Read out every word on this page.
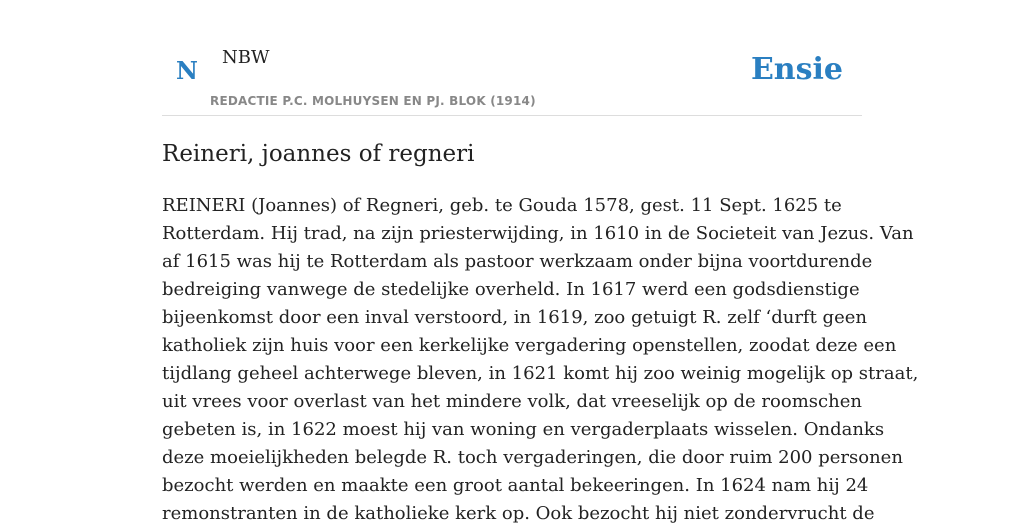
N NBW
REDACTIE P.C. MOLHUYSEN EN PJ. BLOK (1914)
Ensie
Reineri, joannes of regneri
REINERI (Joannes) of Regneri, geb. te Gouda 1578, gest. 11 Sept. 1625 te
Rotterdam. Hij trad, na zijn priesterwijding, in 1610 in de Societeit van Jezus. Van
af 1615 was hij te Rotterdam als pastoor werkzaam onder bijna voortdurende
bedreiging vanwege de stedelijke overheld. In 1617 werd een godsdienstige
bijeenkomst door een inval verstoord, in 1619, zoo getuigt R. zelf ‘durft geen
katholiek zijn huis voor een kerkelijke vergadering openstellen, zoodat deze een
tijdlang geheel achterwege bleven, in 1621 komt hij zoo weinig mogelijk op straat,
uit vrees voor overlast van het mindere volk, dat vreeselijk op de roomschen
gebeten is, in 1622 moest hij van woning en vergaderplaats wisselen. Ondanks
deze moeielijkheden belegde R. toch vergaderingen, die door ruim 200 personen
bezocht werden en maakte een groot aantal bekeeringen. In 1624 nam hij 24
remonstranten in de katholieke kerk op. Ook bezocht hij niet zondervrucht de
